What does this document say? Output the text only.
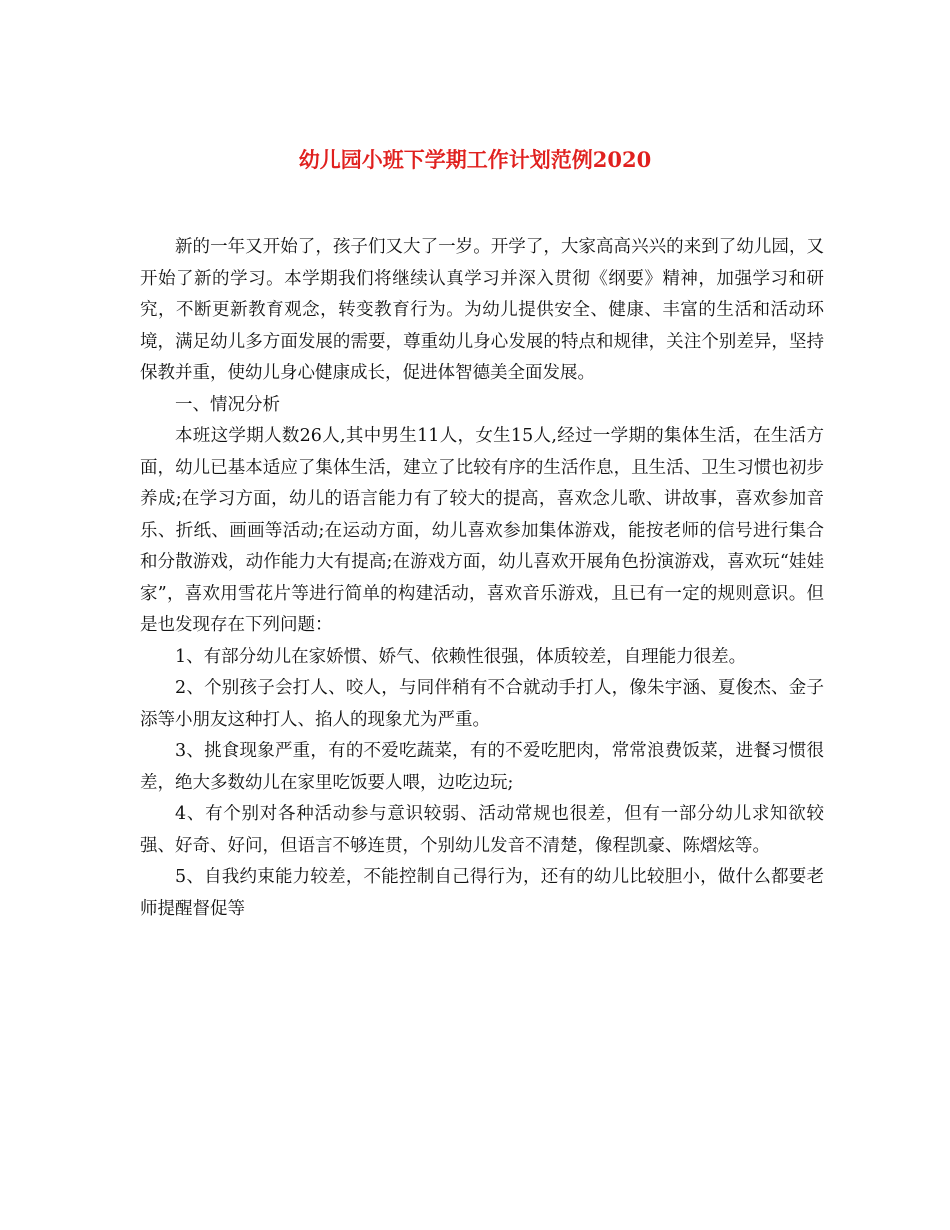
幼儿园小班下学期工作计划范例2020

新的一年又开始了，孩子们又大了一岁。开学了，大家高高兴兴的来到了幼儿园，又开始了新的学习。本学期我们将继续认真学习并深入贯彻《纲要》精神，加强学习和研究，不断更新教育观念，转变教育行为。为幼儿提供安全、健康、丰富的生活和活动环境，满足幼儿多方面发展的需要，尊重幼儿身心发展的特点和规律，关注个别差异，坚持保教并重，使幼儿身心健康成长，促进体智德美全面发展。

一、情况分析

本班这学期人数26人,其中男生11人，女生15人,经过一学期的集体生活，在生活方面，幼儿已基本适应了集体生活，建立了比较有序的生活作息，且生活、卫生习惯也初步养成;在学习方面，幼儿的语言能力有了较大的提高，喜欢念儿歌、讲故事，喜欢参加音乐、折纸、画画等活动;在运动方面，幼儿喜欢参加集体游戏，能按老师的信号进行集合和分散游戏，动作能力大有提高;在游戏方面，幼儿喜欢开展角色扮演游戏，喜欢玩“娃娃家”，喜欢用雪花片等进行简单的构建活动，喜欢音乐游戏，且已有一定的规则意识。但是也发现存在下列问题：

1、有部分幼儿在家娇惯、娇气、依赖性很强，体质较差，自理能力很差。

2、个别孩子会打人、咬人，与同伴稍有不合就动手打人，像朱宇涵、夏俊杰、金子添等小朋友这种打人、掐人的现象尤为严重。

3、挑食现象严重，有的不爱吃蔬菜，有的不爱吃肥肉，常常浪费饭菜，进餐习惯很差，绝大多数幼儿在家里吃饭要人喂，边吃边玩;

4、有个别对各种活动参与意识较弱、活动常规也很差，但有一部分幼儿求知欲较强、好奇、好问，但语言不够连贯，个别幼儿发音不清楚，像程凯豪、陈熠炫等。

5、自我约束能力较差，不能控制自己得行为，还有的幼儿比较胆小，做什么都要老师提醒督促等
